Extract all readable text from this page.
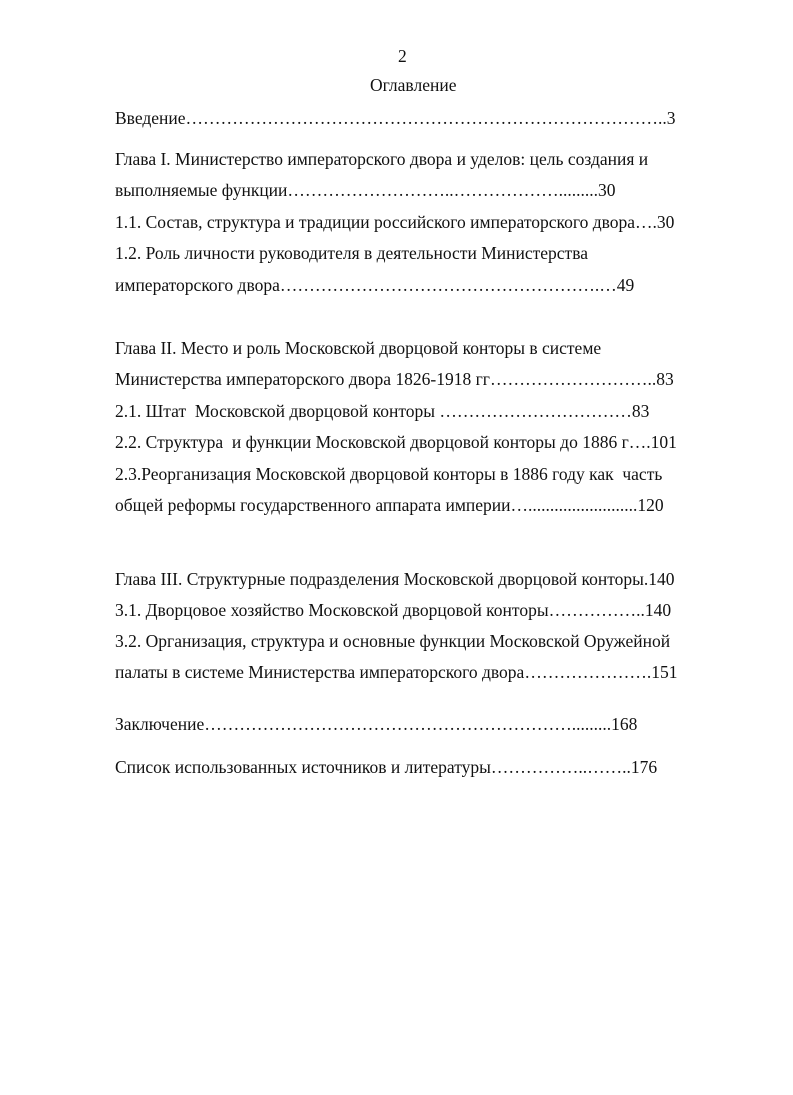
2
Оглавление
Введение………………………………………………………………………..3
Глава I. Министерство императорского двора и уделов: цель создания и
выполняемые функции………………………..……………….........30
1.1. Состав, структура и традиции российского императорского двора….30
1.2. Роль личности руководителя в деятельности Министерства
императорского двора……………………………………………….…49
Глава II. Место и роль Московской дворцовой конторы в системе
Министерства императорского двора 1826-1918 гг………………………..83
2.1. Штат  Московской дворцовой конторы ……………………………83
2.2. Структура  и функции Московской дворцовой конторы до 1886 г….101
2.3.Реорганизация Московской дворцовой конторы в 1886 году как  часть
общей реформы государственного аппарата империи….........................120
Глава III. Структурные подразделения Московской дворцовой конторы.140
3.1. Дворцовое хозяйство Московской дворцовой конторы……………..140
3.2. Организация, структура и основные функции Московской Оружейной
палаты в системе Министерства императорского двора………………….151
Заключение……………………………………………………….........168
Список использованных источников и литературы……………..……..176
